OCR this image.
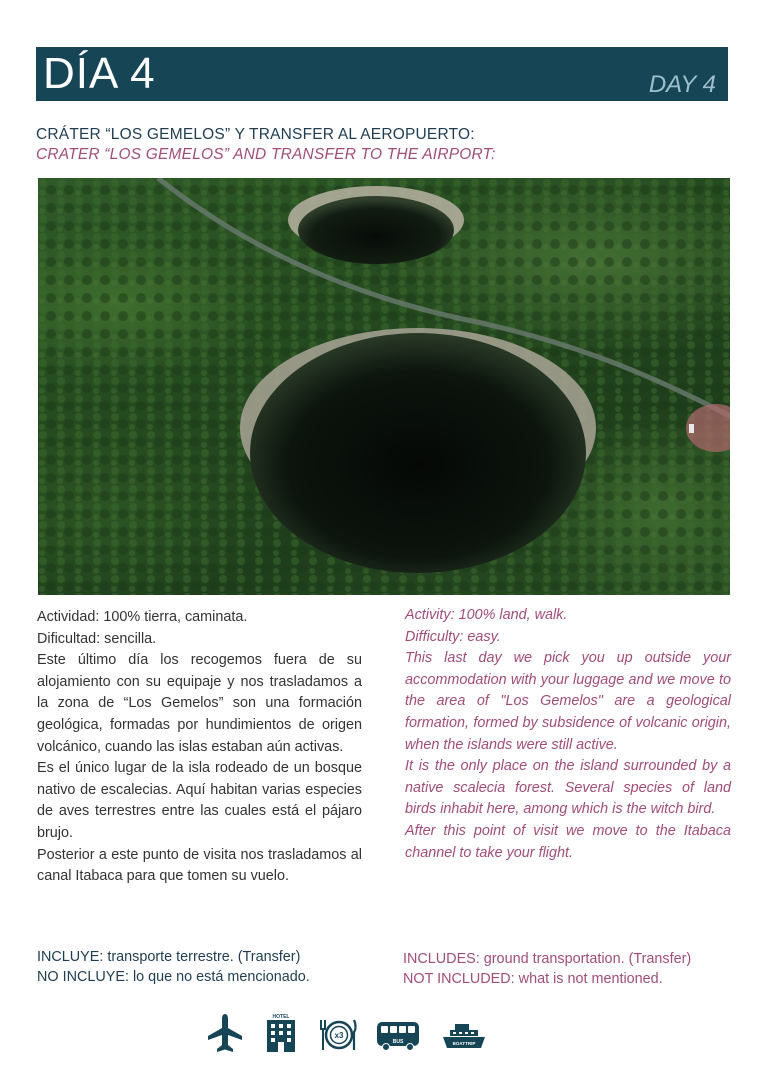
DÍA 4	DAY 4
CRÁTER “LOS GEMELOS” Y TRANSFER AL AEROPUERTO:
CRATER “LOS GEMELOS” AND TRANSFER TO THE AIRPORT:

Actividad: 100% tierra, caminata.

Dificultad: sencilla.

Este último día los recogemos fuera de su alojamiento con su equipaje y nos trasladamos a la zona de “Los Gemelos” son una formación geológica, formadas por hundimientos de origen volcánico, cuando las islas estaban aún activas.

Es el único lugar de la isla rodeado de un bosque nativo de escalecias. Aquí habitan varias especies de aves terrestres entre las cuales está el pájaro brujo.

Posterior a este punto de visita nos trasladamos al canal Itabaca para que tomen su vuelo.

Activity: 100% land, walk.

Difficulty: easy.

This last day we pick you up outside your accommodation with your luggage and we move to the area of "Los Gemelos" are a geological formation, formed by subsidence of volcanic origin, when the islands were still active.

It is the only place on the island surrounded by a native scalecia forest. Several species of land birds inhabit here, among which is the witch bird.

After this point of visit we move to the Itabaca channel to take your flight.

INCLUYE: transporte terrestre. (Transfer)
NO INCLUYE: lo que no está mencionado.
INCLUDES: ground transportation. (Transfer)
NOT INCLUDED: what is not mentioned.
HOTEL
x3
BUS	BOATTRIP
